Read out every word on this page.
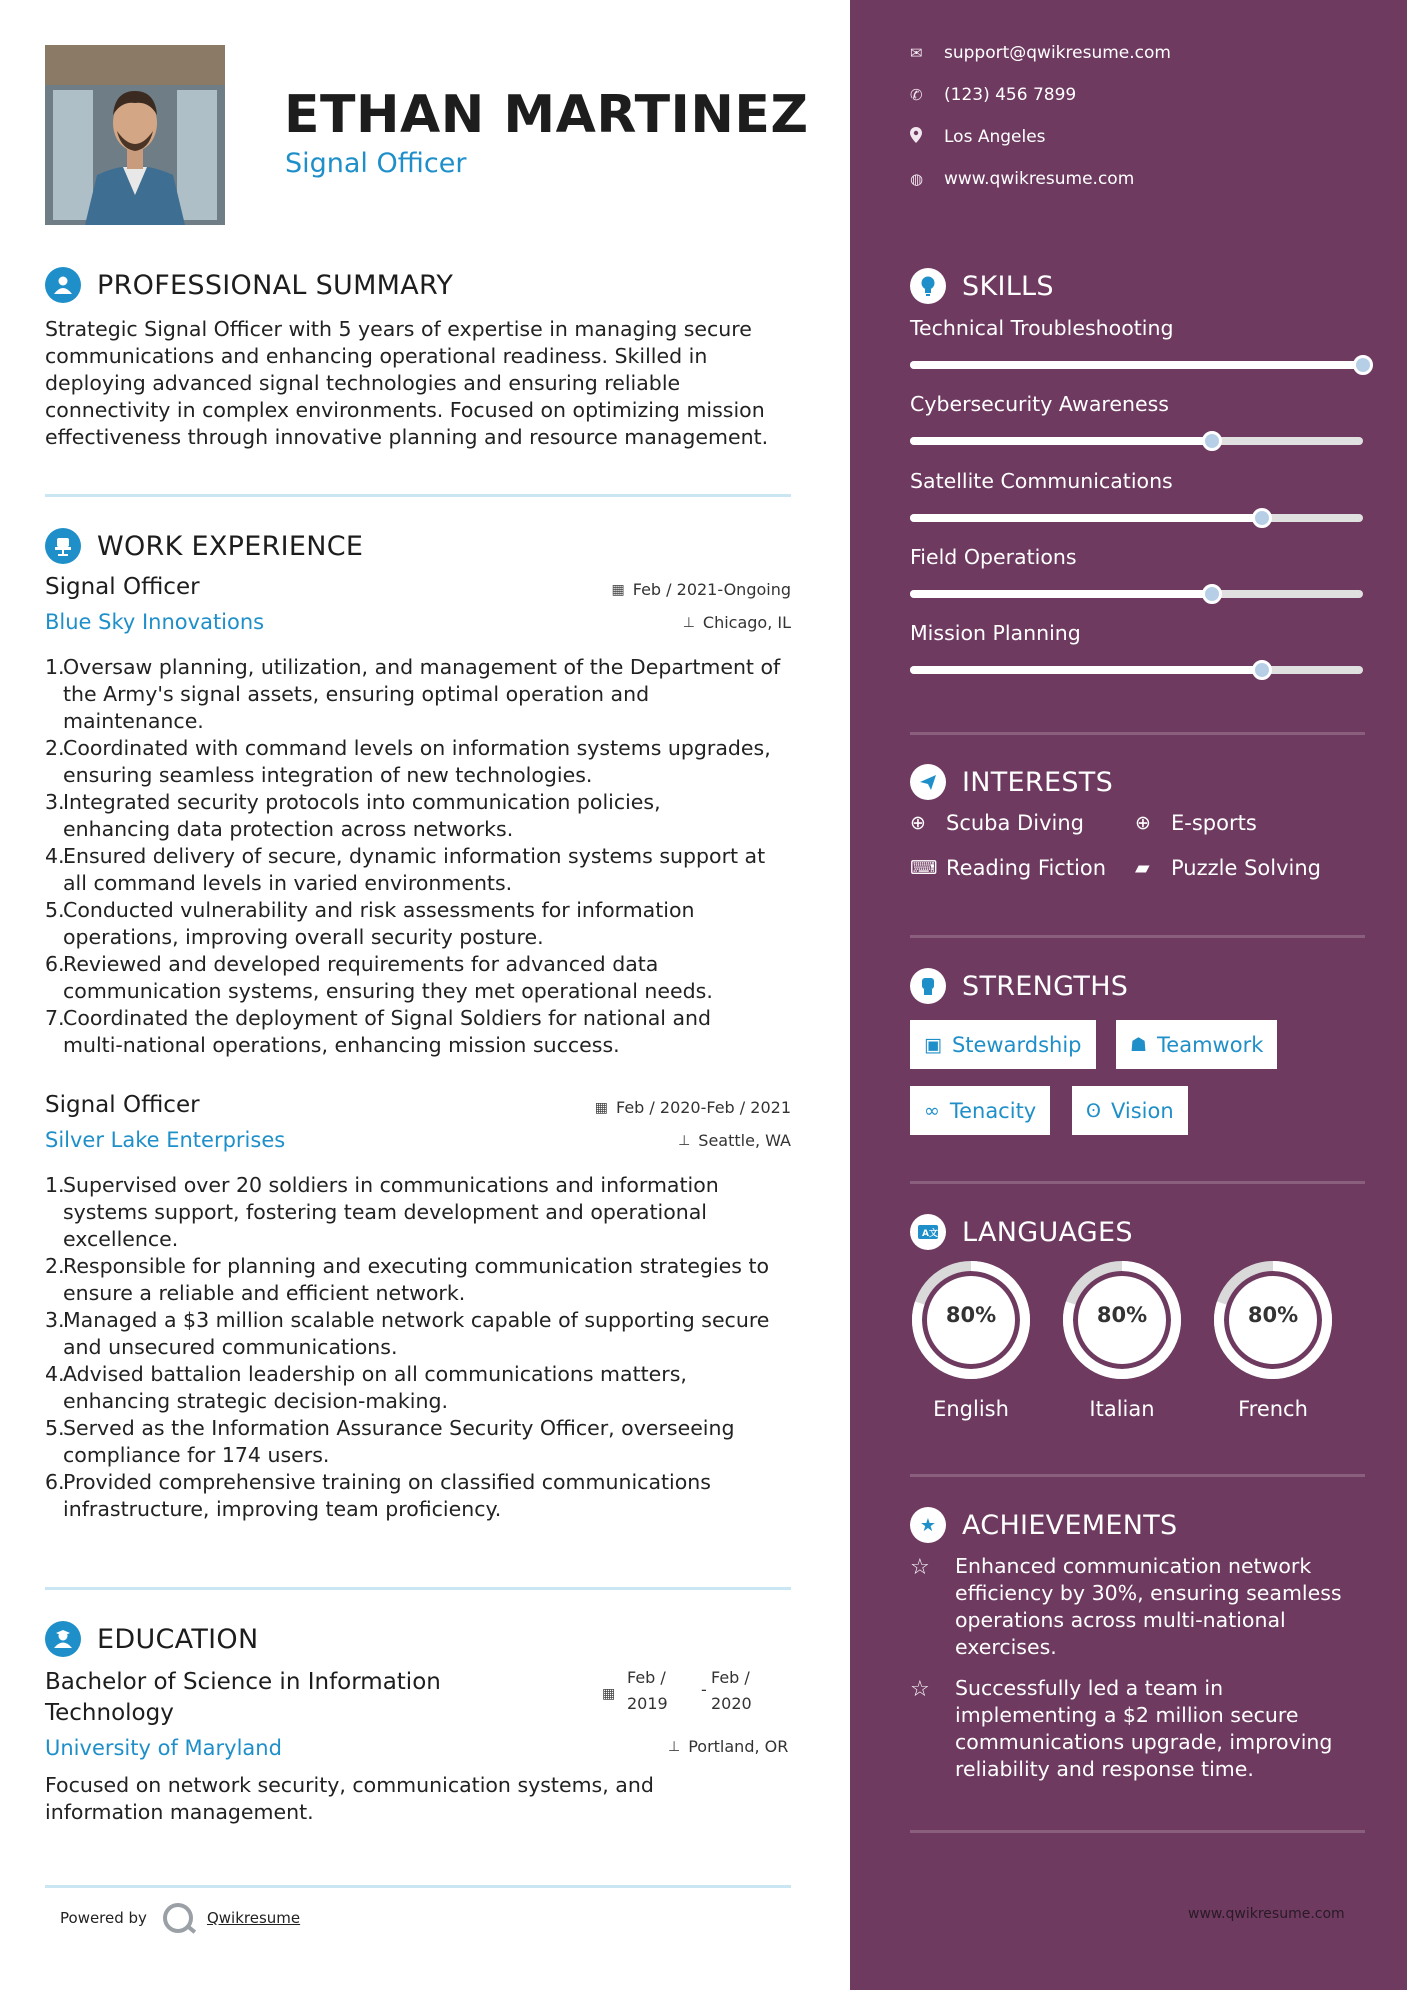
ETHAN MARTINEZ
Signal Officer
PROFESSIONAL SUMMARY
Strategic Signal Officer with 5 years of expertise in managing secure
communications and enhancing operational readiness. Skilled in
deploying advanced signal technologies and ensuring reliable
connectivity in complex environments. Focused on optimizing mission
effectiveness through innovative planning and resource management.
WORK EXPERIENCE
Signal Officer
Blue Sky Innovations
▦ Feb / 2021-Ongoing
⊥ Chicago, IL
1.
Oversaw planning, utilization, and management of the Department of
the Army's signal assets, ensuring optimal operation and
maintenance.
2.
Coordinated with command levels on information systems upgrades,
ensuring seamless integration of new technologies.
3.
Integrated security protocols into communication policies,
enhancing data protection across networks.
4.
Ensured delivery of secure, dynamic information systems support at
all command levels in varied environments.
5.
Conducted vulnerability and risk assessments for information
operations, improving overall security posture.
6.
Reviewed and developed requirements for advanced data
communication systems, ensuring they met operational needs.
7.
Coordinated the deployment of Signal Soldiers for national and
multi-national operations, enhancing mission success.
Signal Officer
Silver Lake Enterprises
▦ Feb / 2020-Feb / 2021
⊥ Seattle, WA
1.
Supervised over 20 soldiers in communications and information
systems support, fostering team development and operational
excellence.
2.
Responsible for planning and executing communication strategies to
ensure a reliable and efficient network.
3.
Managed a $3 million scalable network capable of supporting secure
and unsecured communications.
4.
Advised battalion leadership on all communications matters,
enhancing strategic decision-making.
5.
Served as the Information Assurance Security Officer, overseeing
compliance for 174 users.
6.
Provided comprehensive training on classified communications
infrastructure, improving team proficiency.
EDUCATION
Bachelor of Science in Information
Technology
University of Maryland
▦
Feb /
2019
-
Feb /
2020
⊥ Portland, OR
Focused on network security, communication systems, and
information management.
Powered by	Qwikresume
✉	support@qwikresume.com
✆	(123) 456 7899
Los Angeles
◍	www.qwikresume.com
SKILLS
Technical Troubleshooting
Cybersecurity Awareness
Satellite Communications
Field Operations
Mission Planning
INTERESTS
⊕ Scuba Diving	⊕ E-sports
⌨ Reading Fiction ▰	Puzzle Solving
STRENGTHS
▣ Stewardship	☗ Teamwork
∞ Tenacity	ʘ Vision
A 文 LANGUAGES
80%
English
80%
Italian
80%
French
★ ACHIEVEMENTS
☆	Enhanced communication network
efficiency by 30%, ensuring seamless
operations across multi-national
exercises.
☆	Successfully led a team in
implementing a $2 million secure
communications upgrade, improving
reliability and response time.
www.qwikresume.com
